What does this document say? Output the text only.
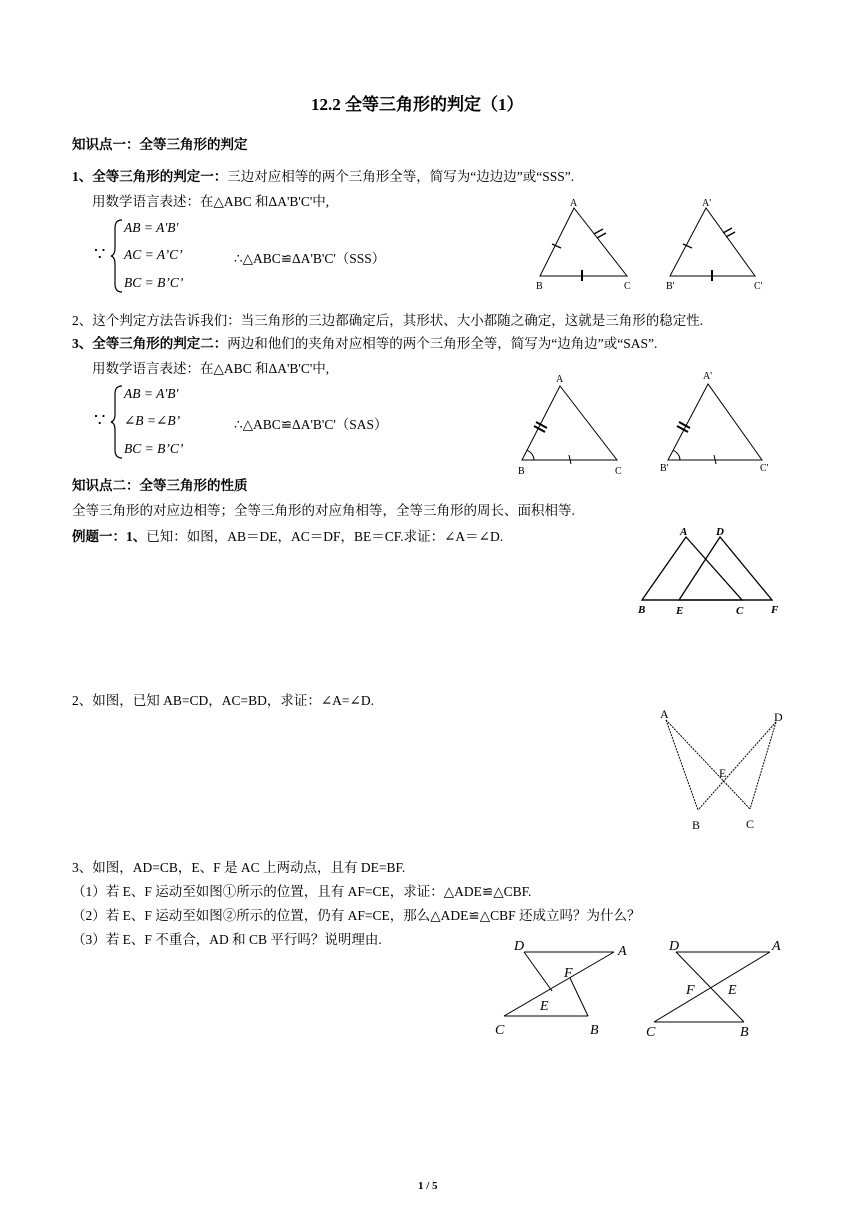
12.2 全等三角形的判定（1）
知识点一：全等三角形的判定
1、全等三角形的判定一：三边对应相等的两个三角形全等，简写为“边边边”或“SSS”.
用数学语言表述：在△ABC 和ΔA'B'C'中,
∵
AB = A'B'
AC = A’C’
BC = B’C’
∴△ABC≌ΔA'B'C'（SSS）
A
B	C
A'
B'	C'
2、这个判定方法告诉我们：当三角形的三边都确定后，其形状、大小都随之确定，这就是三角形的稳定性.
3、全等三角形的判定二：两边和他们的夹角对应相等的两个三角形全等，简写为“边角边”或“SAS”.
用数学语言表述：在△ABC 和ΔA'B'C'中,
∵
AB = A'B'
∠B =∠B’
BC = B’C’
∴△ABC≌ΔA'B'C'（SAS）
A
B	C
A'
B'	C'
知识点二：全等三角形的性质
全等三角形的对应边相等；全等三角形的对应角相等，全等三角形的周长、面积相等.
例题一：1、已知：如图，AB＝DE，AC＝DF，BE＝CF.求证：∠A＝∠D.	A	D
B	E	C	F
2、如图，已知 AB=CD，AC=BD，求证：∠A=∠D.
A	D
E
B	C
3、如图，AD=CB，E、F 是 AC 上两动点，且有 DE=BF.
（1）若 E、F 运动至如图①所示的位置，且有 AF=CE，求证：△ADE≌△CBF.
（2）若 E、F 运动至如图②所示的位置，仍有 AF=CE，那么△ADE≌△CBF 还成立吗？为什么？
（3）若 E、F 不重合，AD 和 CB 平行吗？说明理由.	D	A
F
E
C	B
D	A
F E
C	B
1 / 5
